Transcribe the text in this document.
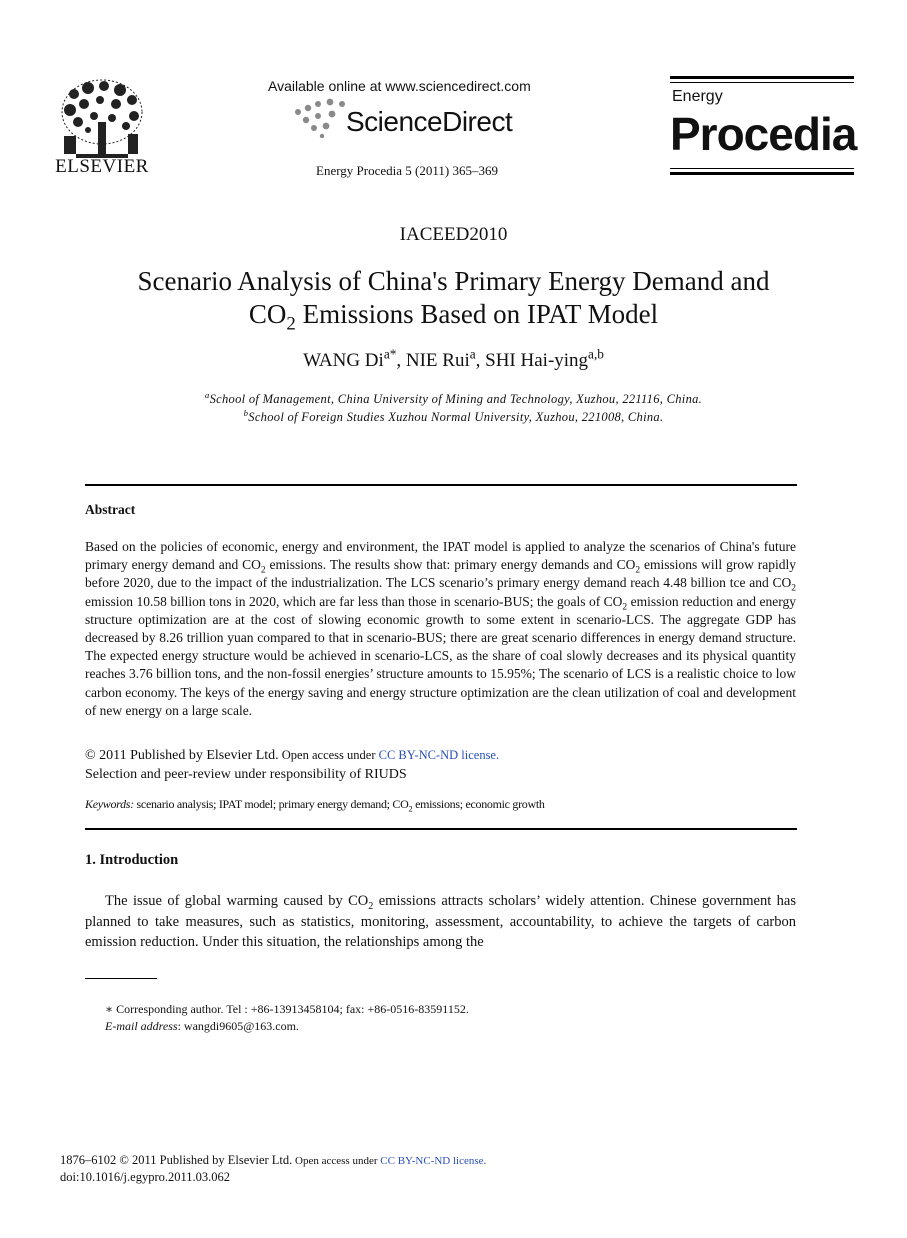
ELSEVIER
Available online at www.sciencedirect.com
ScienceDirect
Energy Procedia 5 (2011) 365–369
Energy
Procedia
IACEED2010
Scenario Analysis of China's Primary Energy Demand and
$CO_2$ Emissions Based on IPAT Model
WANG $Di^{a*}$, NIE Rui$^a$, SHI Hai-ying$^{a,b}$
$^a$School of Management, China University of Mining and Technology, Xuzhou, 221116, China.
$^b$School of Foreign Studies Xuzhou Normal University, Xuzhou, 221008, China.
Abstract
Based on the policies of economic, energy and environment, the IPAT model is applied to analyze the scenarios of China's future primary energy demand and $CO_2$ emissions. The results show that: primary energy demands and $CO_2$ emissions will grow rapidly before 2020, due to the impact of the industrialization. The LCS scenario’s primary energy demand reach 4.48 billion tce and $CO_2$ emission 10.58 billion tons in 2020, which are far less than those in scenario-BUS; the goals of $CO_2$ emission reduction and energy structure optimization are at the cost of slowing economic growth to some extent in scenario-LCS. The aggregate GDP has decreased by 8.26 trillion yuan compared to that in scenario-BUS; there are great scenario differences in energy demand structure. The expected energy structure would be achieved in scenario-LCS, as the share of coal slowly decreases and its physical quantity reaches 3.76 billion tons, and the non-fossil energies’ structure amounts to 15.95%; The scenario of LCS is a realistic choice to low carbon economy. The keys of the energy saving and energy structure optimization are the clean utilization of coal and development of new energy on a large scale.
© 2011 Published by Elsevier Ltd. Open access under CC BY-NC-ND license.
Selection and peer-review under responsibility of RIUDS
Keywords: scenario analysis; IPAT model; primary energy demand; $CO_2$ emissions; economic growth
1. Introduction
The issue of global warming caused by $CO_2$ emissions attracts scholars’ widely attention. Chinese government has planned to take measures, such as statistics, monitoring, assessment, accountability, to achieve the targets of carbon emission reduction. Under this situation, the relationships among the
∗ Corresponding author. Tel : +86-13913458104; fax: +86-0516-83591152.
E-mail address: wangdi9605@163.com.
1876–6102 © 2011 Published by Elsevier Ltd. Open access under CC BY-NC-ND license.
doi:10.1016/j.egypro.2011.03.062
